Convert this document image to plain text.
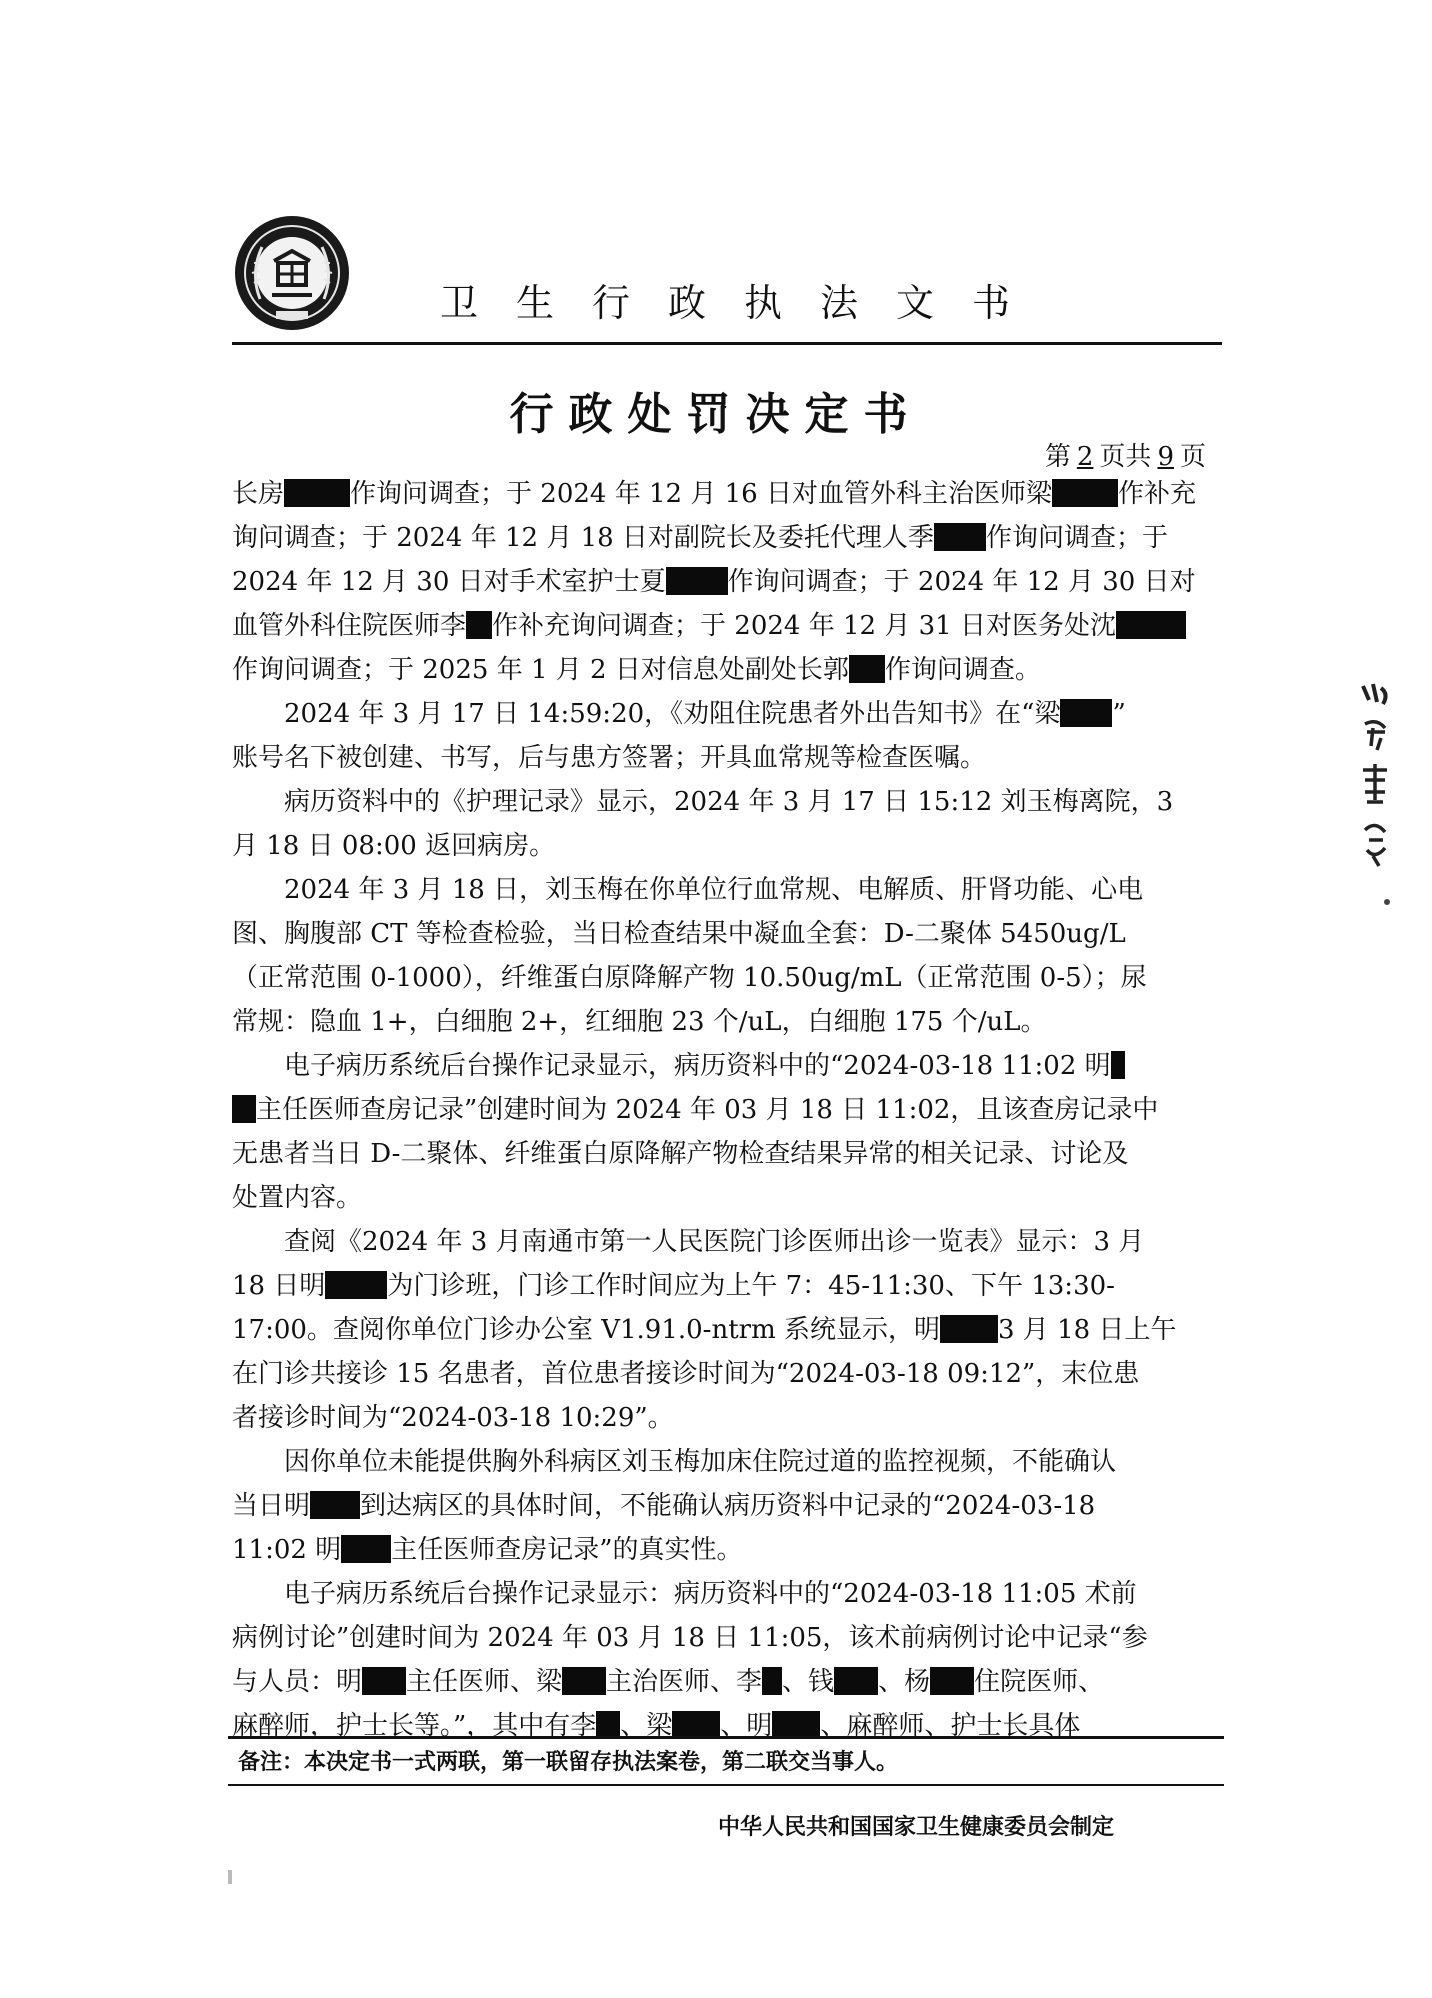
卫生行政执法文书
行政处罚决定书
第 2 页共 9 页
长房	作询问调查；于 2024 年 12 月 16 日对血管外科主治医师梁	作补充
询问调查；于 2024 年 12 月 18 日对副院长及委托代理人季 作询问调查；于
2024 年 12 月 30 日对手术室护士夏 作询问调查；于 2024 年 12 月 30 日对
血管外科住院医师李 作补充询问调查；于 2024 年 12 月 31 日对医务处沈
作询问调查；于 2025 年 1 月 2 日对信息处副处长郭 作询问调查。
2024 年 3 月 17 日 14:59:20，《劝阻住院患者外出告知书》在“梁 ”
账号名下被创建、书写，后与患方签署；开具血常规等检查医嘱。
病历资料中的《护理记录》显示，2024 年 3 月 17 日 15:12 刘玉梅离院，3
月 18 日 08:00 返回病房。
2024 年 3 月 18 日，刘玉梅在你单位行血常规、电解质、肝肾功能、心电
图、胸腹部 CT 等检查检验，当日检查结果中凝血全套：D-二聚体 5450ug/L
（正常范围 0-1000），纤维蛋白原降解产物 10.50ug/mL（正常范围 0-5）；尿
常规：隐血 1+，白细胞 2+，红细胞 23 个/uL，白细胞 175 个/uL。
电子病历系统后台操作记录显示，病历资料中的“2024-03-18 11:02 明
主任医师查房记录”创建时间为 2024 年 03 月 18 日 11:02，且该查房记录中
无患者当日 D-二聚体、纤维蛋白原降解产物检查结果异常的相关记录、讨论及
处置内容。
查阅《2024 年 3 月南通市第一人民医院门诊医师出诊一览表》显示：3 月
18 日明 为门诊班，门诊工作时间应为上午 7：45-11:30、下午 13:30-
17:00。查阅你单位门诊办公室 V1.91.0-ntrm 系统显示，明 3 月 18 日上午
在门诊共接诊 15 名患者，首位患者接诊时间为“2024-03-18 09:12”，末位患
者接诊时间为“2024-03-18 10:29”。
因你单位未能提供胸外科病区刘玉梅加床住院过道的监控视频，不能确认
当日明 到达病区的具体时间，不能确认病历资料中记录的“2024-03-18
11:02 明 主任医师查房记录”的真实性。
电子病历系统后台操作记录显示：病历资料中的“2024-03-18 11:05 术前
病例讨论”创建时间为 2024 年 03 月 18 日 11:05，该术前病例讨论中记录“参
与人员：明 主任医师、梁 主治医师、李 、钱 、杨 住院医师、
麻醉师，护士长等。”，其中有李 、梁 、明 、麻醉师、护士长具体
备注：本决定书一式两联，第一联留存执法案卷，第二联交当事人。
中华人民共和国国家卫生健康委员会制定
